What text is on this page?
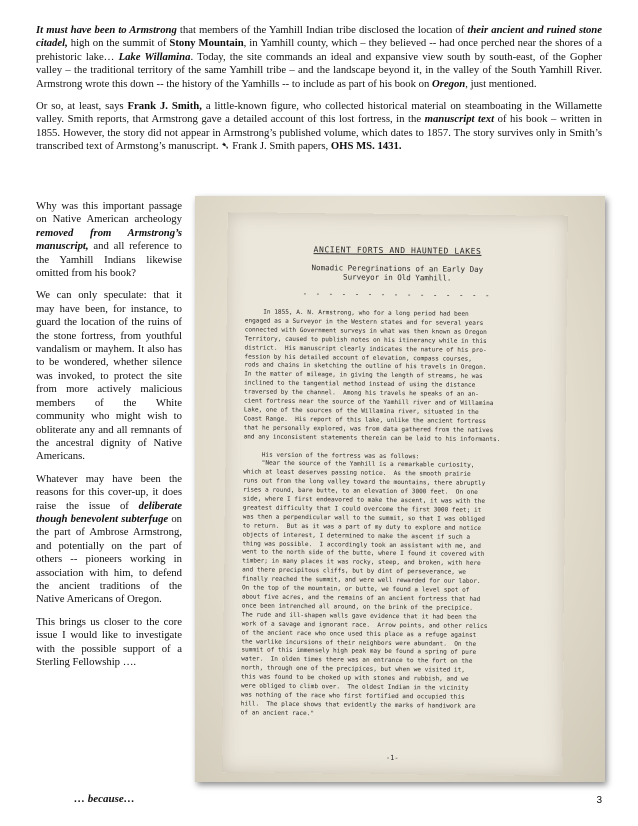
It must have been to Armstrong that members of the Yamhill Indian tribe disclosed the location of their ancient and ruined stone citadel, high on the summit of Stony Mountain, in Yamhill county, which – they believed -- had once perched near the shores of a prehistoric lake… Lake Willamina. Today, the site commands an ideal and expansive view south by south-east, of the Gopher valley – the traditional territory of the same Yamhill tribe – and the landscape beyond it, in the valley of the South Yamhill River. Armstrong wrote this down -- the history of the Yamhills -- to include as part of his book on Oregon, just mentioned.

Or so, at least, says Frank J. Smith, a little-known figure, who collected historical material on steamboating in the Willamette valley. Smith reports, that Armstrong gave a detailed account of this lost fortress, in the manuscript text of his book – written in 1855. However, the story did not appear in Armstrong’s published volume, which dates to 1857. The story survives only in Smith’s transcribed text of Armstong’s manuscript. ➷ Frank J. Smith papers, OHS MS. 1431.

Why was this important passage on Native American archeology removed from Armstrong’s manuscript, and all reference to the Yamhill Indians likewise omitted from his book?

We can only speculate: that it may have been, for instance, to guard the location of the ruins of the stone fortress, from youthful vandalism or mayhem. It also has to be wondered, whether silence was invoked, to protect the site from more actively malicious members of the White community who might wish to obliterate any and all remnants of the ancestral dignity of Native Americans.

Whatever may have been the reasons for this cover-up, it does raise the issue of deliberate though benevolent subterfuge on the part of Ambrose Armstrong, and potentially on the part of others -- pioneers working in association with him, to defend the ancient traditions of the Native Americans of Oregon.

This brings us closer to the core issue I would like to investigate with the possible support of a Sterling Fellowship ….

… because…
ANCIENT FORTS AND HAUNTED LAKES
Nomadic Peregrinations of an Early Day
Surveyor in Old Yamhill.
- - - - - - - - - - - - - - -
In 1855, A. N. Armstrong, who for a long period had been
engaged as a Surveyor in the Western states and for several years
connected with Government surveys in what was then known as Oregon
Territory, caused to publish notes on his itinerancy while in this
district.  His manuscript clearly indicates the nature of his pro-
fession by his detailed account of elevation, compass courses,
rods and chains in sketching the outline of his travels in Oregon.
In the matter of mileage, in giving the length of streams, he was
inclined to the tangential method instead of using the distance
traversed by the channel.  Among his travels he speaks of an an-
cient fortress near the source of the Yamhill river and of Willamina
Lake, one of the sources of the Willamina river, situated in the
Coast Range.  His report of this lake, unlike the ancient fortress
that he personally explored, was from data gathered from the natives
and any inconsistent statements therein can be laid to his informants.

His version of the fortress was as follows:
"Near the source of the Yamhill is a remarkable curiosity,
which at least deserves passing notice.  As the smooth prairie
runs out from the long valley toward the mountains, there abruptly
rises a round, bare butte, to an elevation of 3000 feet.  On one
side, where I first endeavored to make the ascent, it was with the
greatest difficulty that I could overcome the first 3000 feet; it
was then a perpendicular wall to the summit, so that I was obliged
to return.  But as it was a part of my duty to explore and notice
objects of interest, I determined to make the ascent if such a
thing was possible.  I accordingly took an assistant with me, and
went to the north side of the butte, where I found it covered with
timber; in many places it was rocky, steep, and broken, with here
and there precipitous cliffs, but by dint of perseverance, we
finally reached the summit, and were well rewarded for our labor.
On the top of the mountain, or butte, we found a level spot of
about five acres, and the remains of an ancient fortress that had
once been intrenched all around, on the brink of the precipice.
The rude and ill-shapen walls gave evidence that it had been the
work of a savage and ignorant race.  Arrow points, and other relics
of the ancient race who once used this place as a refuge against
the warlike incursions of their neighbors were abundant.  On the
summit of this immensely high peak may be found a spring of pure
water.  In olden times there was an entrance to the fort on the
north, through one of the precipices, but when we visited it,
this was found to be choked up with stones and rubbish, and we
were obliged to climb over.  The oldest Indian in the vicinity
was nothing of the race who first fortified and occupied this
hill.  The place shows that evidently the marks of handiwork are
of an ancient race."
-1-
3
